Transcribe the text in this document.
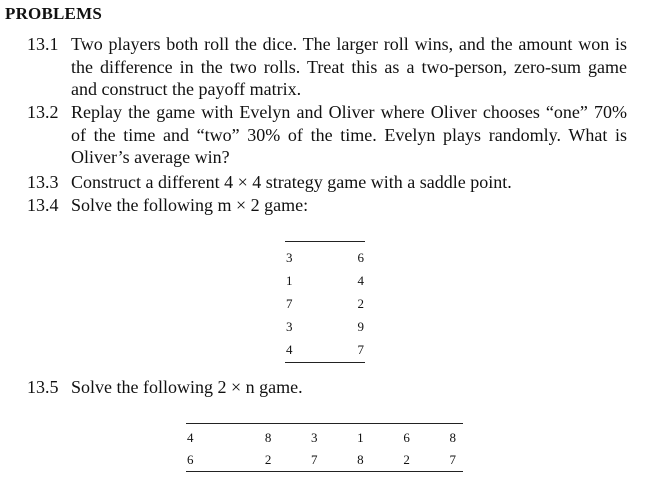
PROBLEMS
13.1 Two players both roll the dice. The larger roll wins, and the amount won is the difference in the two rolls. Treat this as a two-person, zero-sum game and construct the payoff matrix.
13.2 Replay the game with Evelyn and Oliver where Oliver chooses “one” 70% of the time and “two” 30% of the time. Evelyn plays randomly. What is Oliver’s average win?
13.3 Construct a different 4 × 4 strategy game with a saddle point.
13.4 Solve the following m × 2 game:
3	6
1	4
7	2
3	9
4	7
13.5 Solve the following 2 × n game.
4	8	3	1	6	8
6	2	7	8	2	7
